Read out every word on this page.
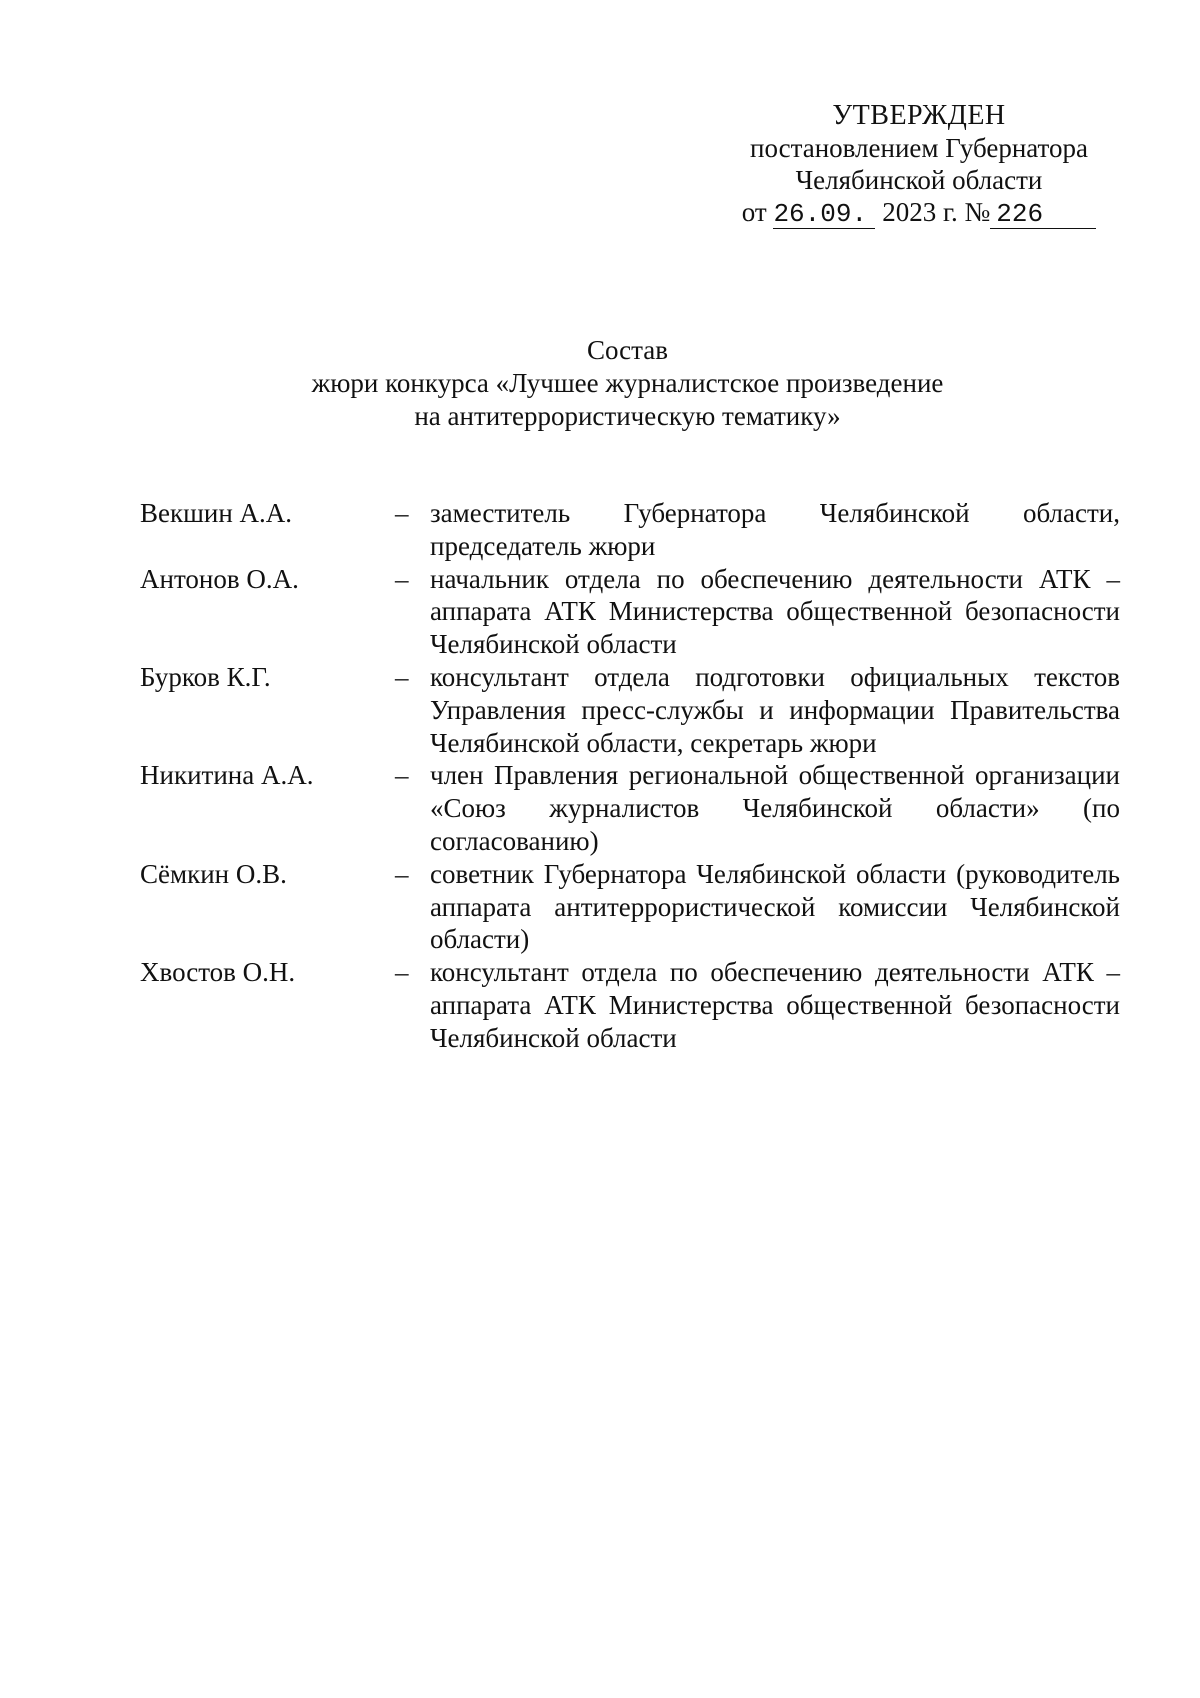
УТВЕРЖДЕН
постановлением Губернатора
Челябинской области
от 26.09. 2023 г. № 226
Состав
жюри конкурса «Лучшее журналистское произведение
на антитеррористическую тематику»
Векшин А.А.	– заместитель Губернатора Челябинской области, председатель жюри
Антонов О.А.	– начальник отдела по обеспечению деятельности АТК – аппарата АТК Министерства общественной безопасности Челябинской области
Бурков К.Г.	– консультант отдела подготовки официальных текстов Управления пресс-службы и информации Правительства Челябинской области, секретарь жюри
Никитина А.А.	– член Правления региональной общественной организации «Союз журналистов Челябинской области» (по согласованию)
Сёмкин О.В.	– советник Губернатора Челябинской области (руководитель аппарата антитеррористической комиссии Челябинской области)
Хвостов О.Н.	– консультант отдела по обеспечению деятельности АТК – аппарата АТК Министерства общественной безопасности Челябинской области
